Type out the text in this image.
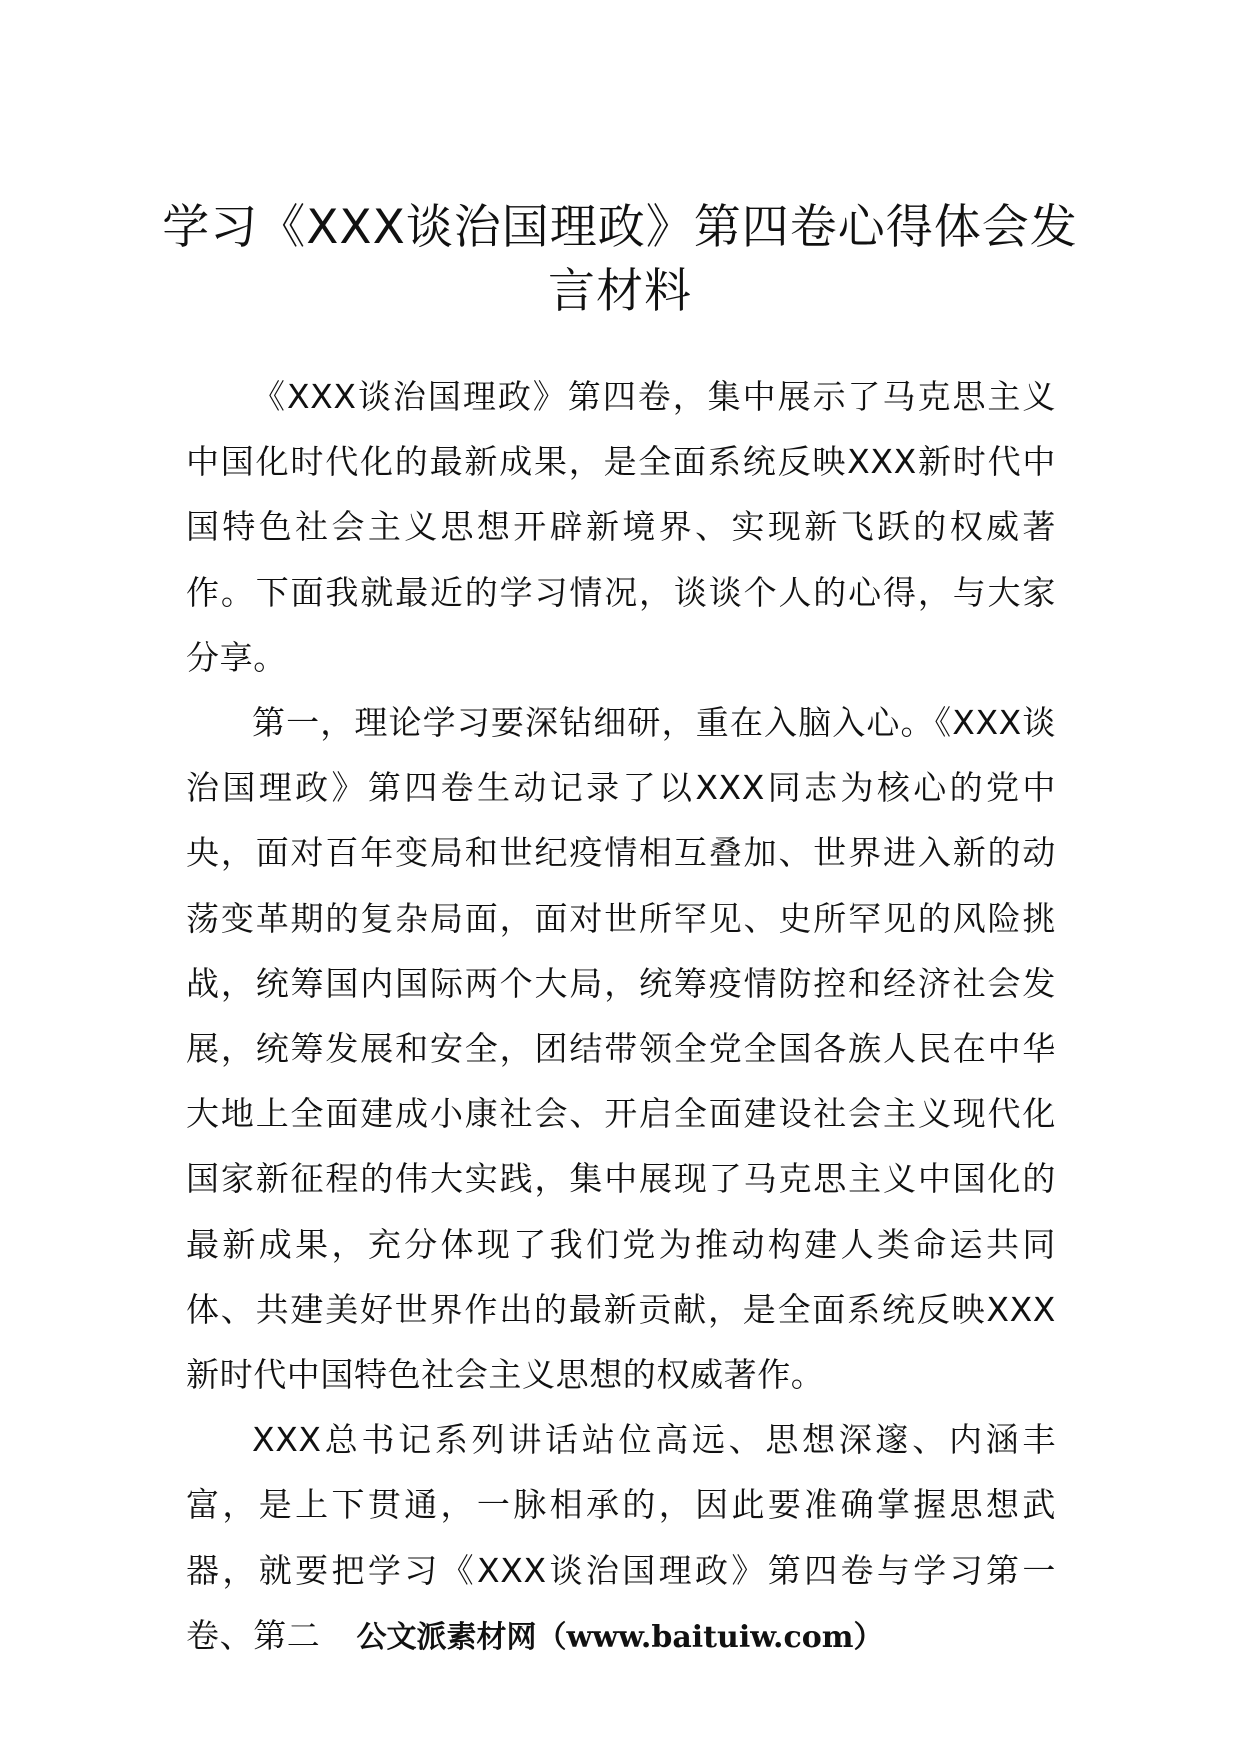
学习《XXX谈治国理政》第四卷心得体会发言材料

《XXX谈治国理政》第四卷，集中展示了马克思主义中国化时代化的最新成果，是全面系统反映XXX新时代中国特色社会主义思想开辟新境界、实现新飞跃的权威著作。下面我就最近的学习情况，谈谈个人的心得，与大家分享。

第一，理论学习要深钻细研，重在入脑入心。《XXX谈治国理政》第四卷生动记录了以XXX同志为核心的党中央，面对百年变局和世纪疫情相互叠加、世界进入新的动荡变革期的复杂局面，面对世所罕见、史所罕见的风险挑战，统筹国内国际两个大局，统筹疫情防控和经济社会发展，统筹发展和安全，团结带领全党全国各族人民在中华大地上全面建成小康社会、开启全面建设社会主义现代化国家新征程的伟大实践，集中展现了马克思主义中国化的最新成果，充分体现了我们党为推动构建人类命运共同体、共建美好世界作出的最新贡献，是全面系统反映XXX新时代中国特色社会主义思想的权威著作。

XXX总书记系列讲话站位高远、思想深邃、内涵丰富，是上下贯通，一脉相承的，因此要准确掌握思想武器，就要把学习《XXX谈治国理政》第四卷与学习第一卷、第二	公文派素材网（www.baituiw.com）
